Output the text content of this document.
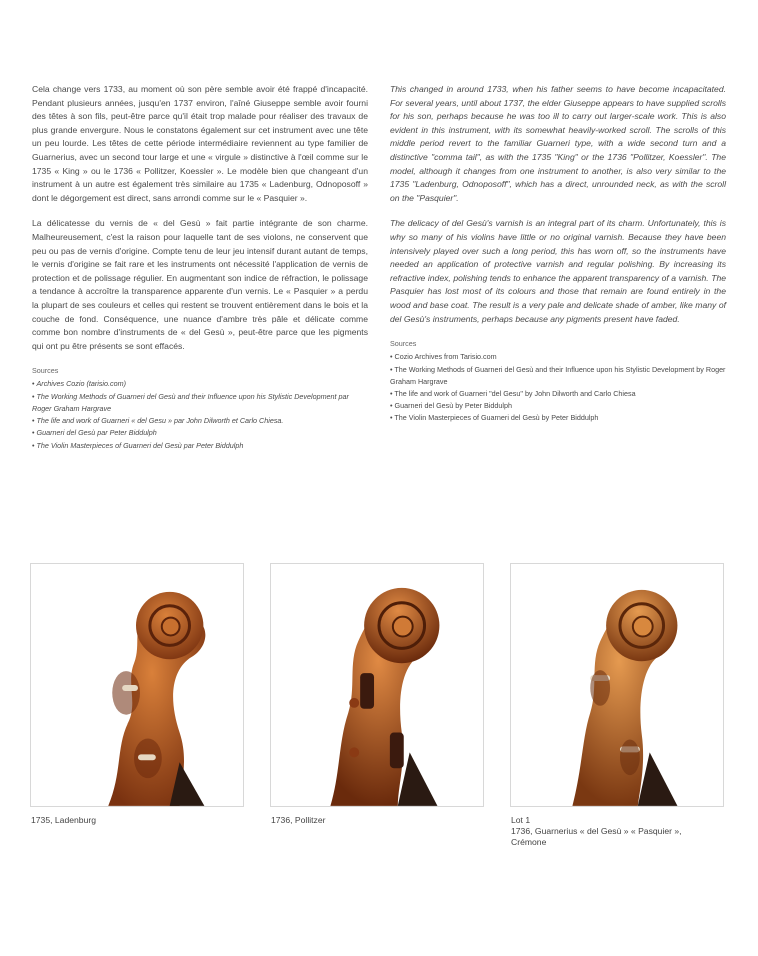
Cela change vers 1733, au moment où son père semble avoir été frappé d'incapacité. Pendant plusieurs années, jusqu'en 1737 environ, l'aîné Giuseppe semble avoir fourni des têtes à son fils, peut-être parce qu'il était trop malade pour réaliser des travaux de plus grande envergure. Nous le constatons également sur cet instrument avec une tête un peu lourde. Les têtes de cette période intermédiaire reviennent au type familier de Guarnerius, avec un second tour large et une « virgule » distinctive à l'œil comme sur le 1735 « King » ou le 1736 « Pollitzer, Koessler ». Le modèle bien que changeant d'un instrument à un autre est également très similaire au 1735 « Ladenburg, Odnoposoff » dont le dégorgement est direct, sans arrondi comme sur le « Pasquier ».

La délicatesse du vernis de « del Gesù » fait partie intégrante de son charme. Malheureusement, c'est la raison pour laquelle tant de ses violons, ne conservent que peu ou pas de vernis d'origine. Compte tenu de leur jeu intensif durant autant de temps, le vernis d'origine se fait rare et les instruments ont nécessité l'application de vernis de protection et de polissage régulier. En augmentant son indice de réfraction, le polissage a tendance à accroître la transparence apparente d'un vernis. Le « Pasquier » a perdu la plupart de ses couleurs et celles qui restent se trouvent entièrement dans le bois et la couche de fond. Conséquence, une nuance d'ambre très pâle et délicate comme comme bon nombre d'instruments de « del Gesù », peut-être parce que les pigments qui ont pu être présents se sont effacés.

Sources
• Archives Cozio (tarisio.com)
• The Working Methods of Guarneri del Gesù and their Influence upon his Stylistic Development par Roger Graham Hargrave
• The life and work of Guarneri « del Gesu » par John Dilworth et Carlo Chiesa.
• Guarneri del Gesù par Peter Biddulph
• The Violin Masterpieces of Guarneri del Gesù par Peter Biddulph

This changed in around 1733, when his father seems to have become incapacitated. For several years, until about 1737, the elder Giuseppe appears to have supplied scrolls for his son, perhaps because he was too ill to carry out larger-scale work. This is also evident in this instrument, with its somewhat heavily-worked scroll. The scrolls of this middle period revert to the familiar Guarneri type, with a wide second turn and a distinctive "comma tail", as with the 1735 "King" or the 1736 "Pollitzer, Koessler". The model, although it changes from one instrument to another, is also very similar to the 1735 "Ladenburg, Odnoposoff", which has a direct, unrounded neck, as with the scroll on the "Pasquier".

The delicacy of del Gesù's varnish is an integral part of its charm. Unfortunately, this is why so many of his violins have little or no original varnish. Because they have been intensively played over such a long period, this has worn off, so the instruments have needed an application of protective varnish and regular polishing. By increasing its refractive index, polishing tends to enhance the apparent transparency of a varnish. The Pasquier has lost most of its colours and those that remain are found entirely in the wood and base coat. The result is a very pale and delicate shade of amber, like many of del Gesù's instruments, perhaps because any pigments present have faded.

Sources
• Cozio Archives from Tarisio.com
• The Working Methods of Guarneri del Gesù and their Influence upon his Stylistic Development by Roger Graham Hargrave
• The life and work of Guarneri "del Gesu" by John Dilworth and Carlo Chiesa
• Guarneri del Gesù by Peter Biddulph
• The Violin Masterpieces of Guarneri del Gesù by Peter Biddulph
1735, Ladenburg	1736, Pollitzer	Lot 1
1736, Guarnerius « del Gesù » « Pasquier »,
Crémone
